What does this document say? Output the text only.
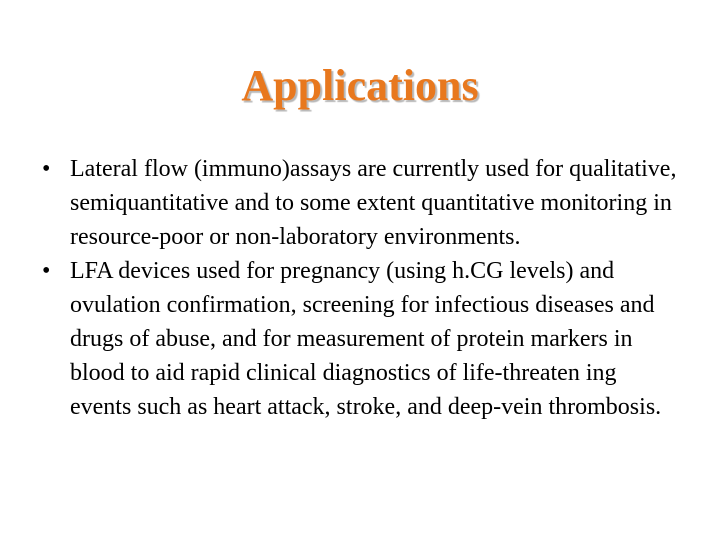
Applications
• Lateral flow (immuno)assays are currently used for qualitative, semiquantitative and to some extent quantitative monitoring in resource-poor or non-laboratory environments.
• LFA devices used for pregnancy (using h.CG levels) and ovulation confirmation, screening for infectious diseases and drugs of abuse, and for measurement of protein markers in blood to aid rapid clinical diagnostics of life-threaten ing events such as heart attack, stroke, and deep-vein thrombosis.
